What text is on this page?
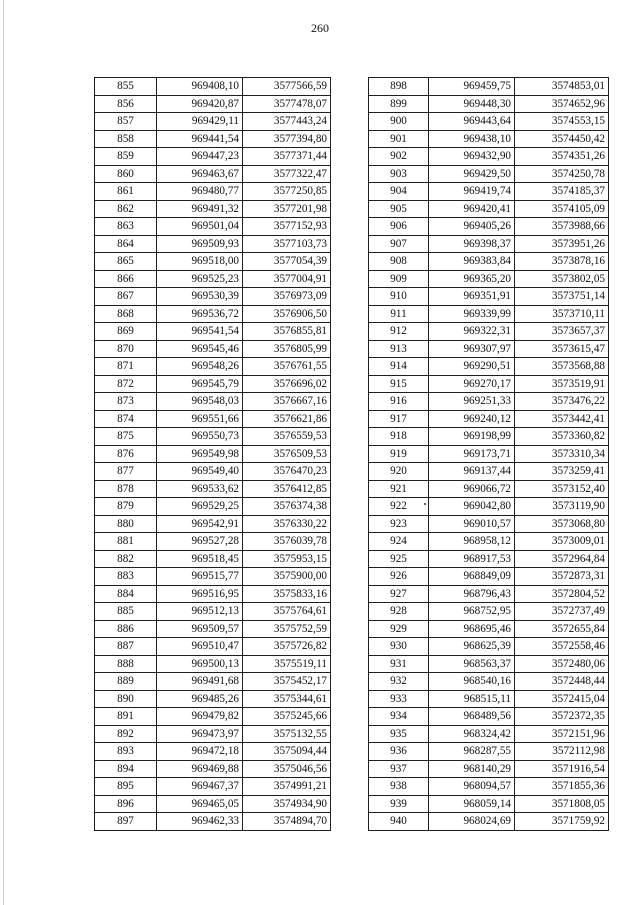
260
855	969408,10	3577566,59
856	969420,87	3577478,07
857	969429,11	3577443,24
858	969441,54	3577394,80
859	969447,23	3577371,44
860	969463,67	3577322,47
861	969480,77	3577250,85
862	969491,32	3577201,98
863	969501,04	3577152,93
864	969509,93	3577103,73
865	969518,00	3577054,39
866	969525,23	3577004,91
867	969530,39	3576973,09
868	969536,72	3576906,50
869	969541,54	3576855,81
870	969545,46	3576805,99
871	969548,26	3576761,55
872	969545,79	3576696,02
873	969548,03	3576667,16
874	969551,66	3576621,86
875	969550,73	3576559,53
876	969549,98	3576509,53
877	969549,40	3576470,23
878	969533,62	3576412,85
879	969529,25	3576374,38
880	969542,91	3576330,22
881	969527,28	3576039,78
882	969518,45	3575953,15
883	969515,77	3575900,00
884	969516,95	3575833,16
885	969512,13	3575764,61
886	969509,57	3575752,59
887	969510,47	3575726,82
888	969500,13	3575519,11
889	969491,68	3575452,17
890	969485,26	3575344,61
891	969479,82	3575245,66
892	969473,97	3575132,55
893	969472,18	3575094,44
894	969469,88	3575046,56
895	969467,37	3574991,21
896	969465,05	3574934,90
897	969462,33	3574894,70
898	969459,75	3574853,01
899	969448,30	3574652,96
900	969443,64	3574553,15
901	969438,10	3574450,42
902	969432,90	3574351,26
903	969429,50	3574250,78
904	969419,74	3574185,37
905	969420,41	3574105,09
906	969405,26	3573988,66
907	969398,37	3573951,26
908	969383,84	3573878,16
909	969365,20	3573802,05
910	969351,91	3573751,14
911	969339,99	3573710,11
912	969322,31	3573657,37
913	969307,97	3573615,47
914	969290,51	3573568,88
915	969270,17	3573519,91
916	969251,33	3573476,22
917	969240,12	3573442,41
918	969198,99	3573360,82
919	969173,71	3573310,34
920	969137,44	3573259,41
921	969066,72	3573152,40
922	969042,80	3573119,90
923	969010,57	3573068,80
924	968958,12	3573009,01
925	968917,53	3572964,84
926	968849,09	3572873,31
927	968796,43	3572804,52
928	968752,95	3572737,49
929	968695,46	3572655,84
930	968625,39	3572558,46
931	968563,37	3572480,06
932	968540,16	3572448,44
933	968515,11	3572415,04
934	968489,56	3572372,35
935	968324,42	3572151,96
936	968287,55	3572112,98
937	968140,29	3571916,54
938	968094,57	3571855,36
939	968059,14	3571808,05
940	968024,69	3571759,92
